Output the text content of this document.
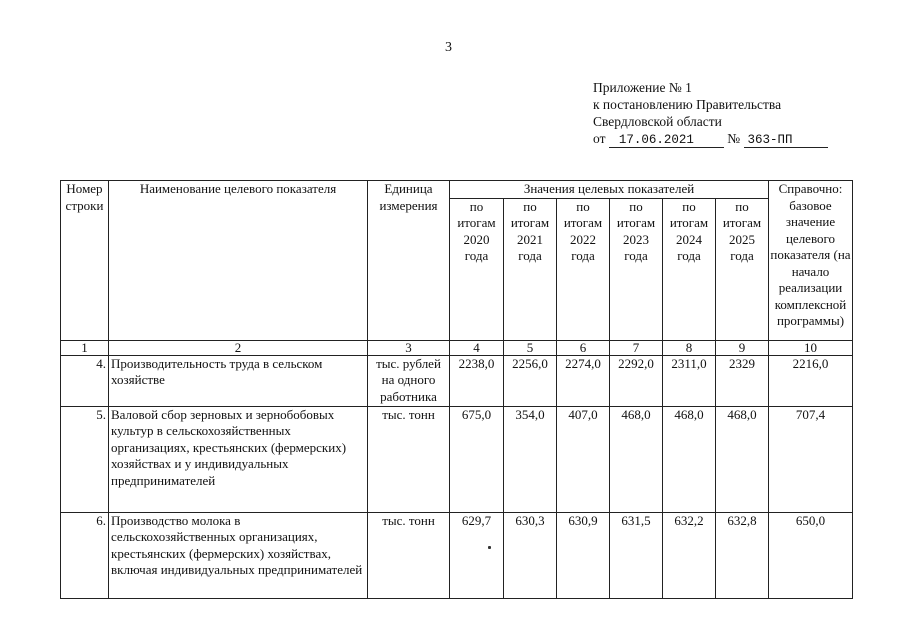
3
Приложение № 1
к постановлению Правительства
Свердловской области
от 17.06.2021 № 363-ПП
Номер строки	Наименование целевого показателя	Единица измерения	Значения целевых показателей						Справочно: базовое значение целевого показателя (на начало реализации комплексной программы)
			по итогам 2020 года	по итогам 2021 года	по итогам 2022 года	по итогам 2023 года	по итогам 2024 года	по итогам 2025 года	
1	2	3	4	5	6	7	8	9	10
4.	Производительность труда в сельском хозяйстве	тыс. рублей на одного работника	2238,0	2256,0	2274,0	2292,0	2311,0	2329	2216,0
5.	Валовой сбор зерновых и зернобобовых культур в сельскохозяйственных организациях, крестьянских (фермерских) хозяйствах и у индивидуальных предпринимателей	тыс. тонн	675,0	354,0	407,0	468,0	468,0	468,0	707,4
6.	Производство молока в сельскохозяйственных организациях, крестьянских (фермерских) хозяйствах, включая индивидуальных предпринимателей	тыс. тонн	629,7	630,3	630,9	631,5	632,2	632,8	650,0
